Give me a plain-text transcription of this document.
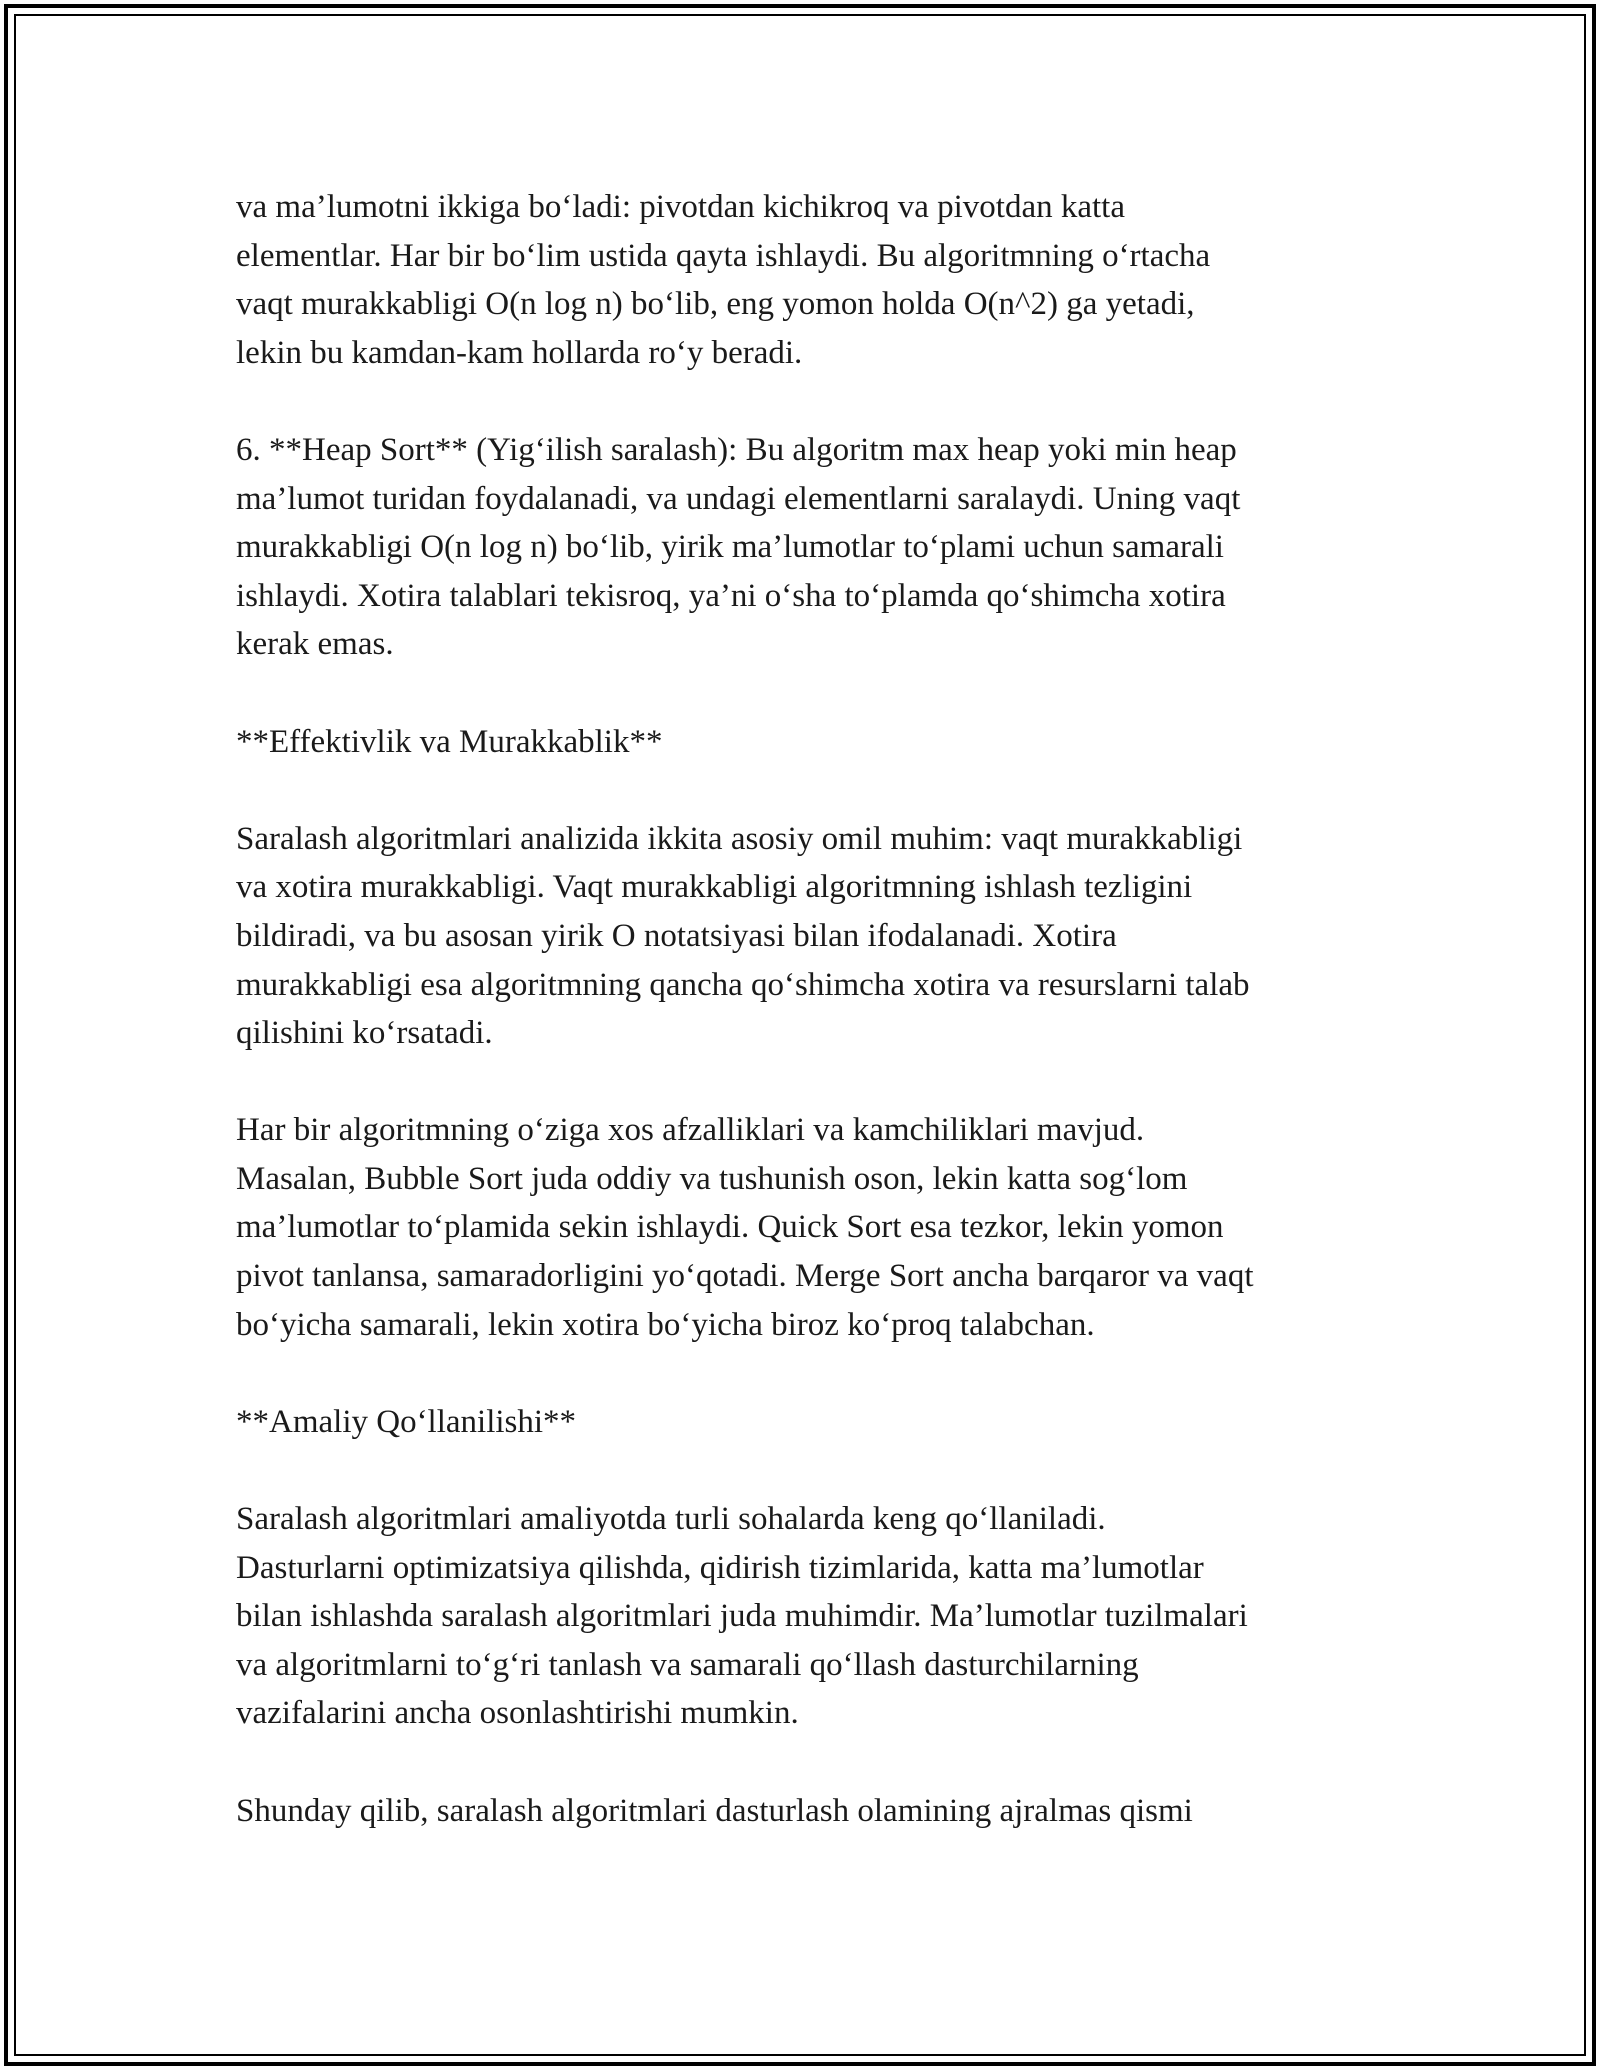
va ma’lumotni ikkiga bo‘ladi: pivotdan kichikroq va pivotdan katta
elementlar. Har bir bo‘lim ustida qayta ishlaydi. Bu algoritmning o‘rtacha
vaqt murakkabligi O(n log n) bo‘lib, eng yomon holda O(n^2) ga yetadi,
lekin bu kamdan-kam hollarda ro‘y beradi.

6. **Heap Sort** (Yig‘ilish saralash): Bu algoritm max heap yoki min heap
ma’lumot turidan foydalanadi, va undagi elementlarni saralaydi. Uning vaqt
murakkabligi O(n log n) bo‘lib, yirik ma’lumotlar to‘plami uchun samarali
ishlaydi. Xotira talablari tekisroq, ya’ni o‘sha to‘plamda qo‘shimcha xotira
kerak emas.

**Effektivlik va Murakkablik**

Saralash algoritmlari analizida ikkita asosiy omil muhim: vaqt murakkabligi
va xotira murakkabligi. Vaqt murakkabligi algoritmning ishlash tezligini
bildiradi, va bu asosan yirik O notatsiyasi bilan ifodalanadi. Xotira
murakkabligi esa algoritmning qancha qo‘shimcha xotira va resurslarni talab
qilishini ko‘rsatadi.

Har bir algoritmning o‘ziga xos afzalliklari va kamchiliklari mavjud.
Masalan, Bubble Sort juda oddiy va tushunish oson, lekin katta sog‘lom
ma’lumotlar to‘plamida sekin ishlaydi. Quick Sort esa tezkor, lekin yomon
pivot tanlansa, samaradorligini yo‘qotadi. Merge Sort ancha barqaror va vaqt
bo‘yicha samarali, lekin xotira bo‘yicha biroz ko‘proq talabchan.

**Amaliy Qo‘llanilishi**

Saralash algoritmlari amaliyotda turli sohalarda keng qo‘llaniladi.
Dasturlarni optimizatsiya qilishda, qidirish tizimlarida, katta ma’lumotlar
bilan ishlashda saralash algoritmlari juda muhimdir. Ma’lumotlar tuzilmalari
va algoritmlarni to‘g‘ri tanlash va samarali qo‘llash dasturchilarning
vazifalarini ancha osonlashtirishi mumkin.

Shunday qilib, saralash algoritmlari dasturlash olamining ajralmas qismi
